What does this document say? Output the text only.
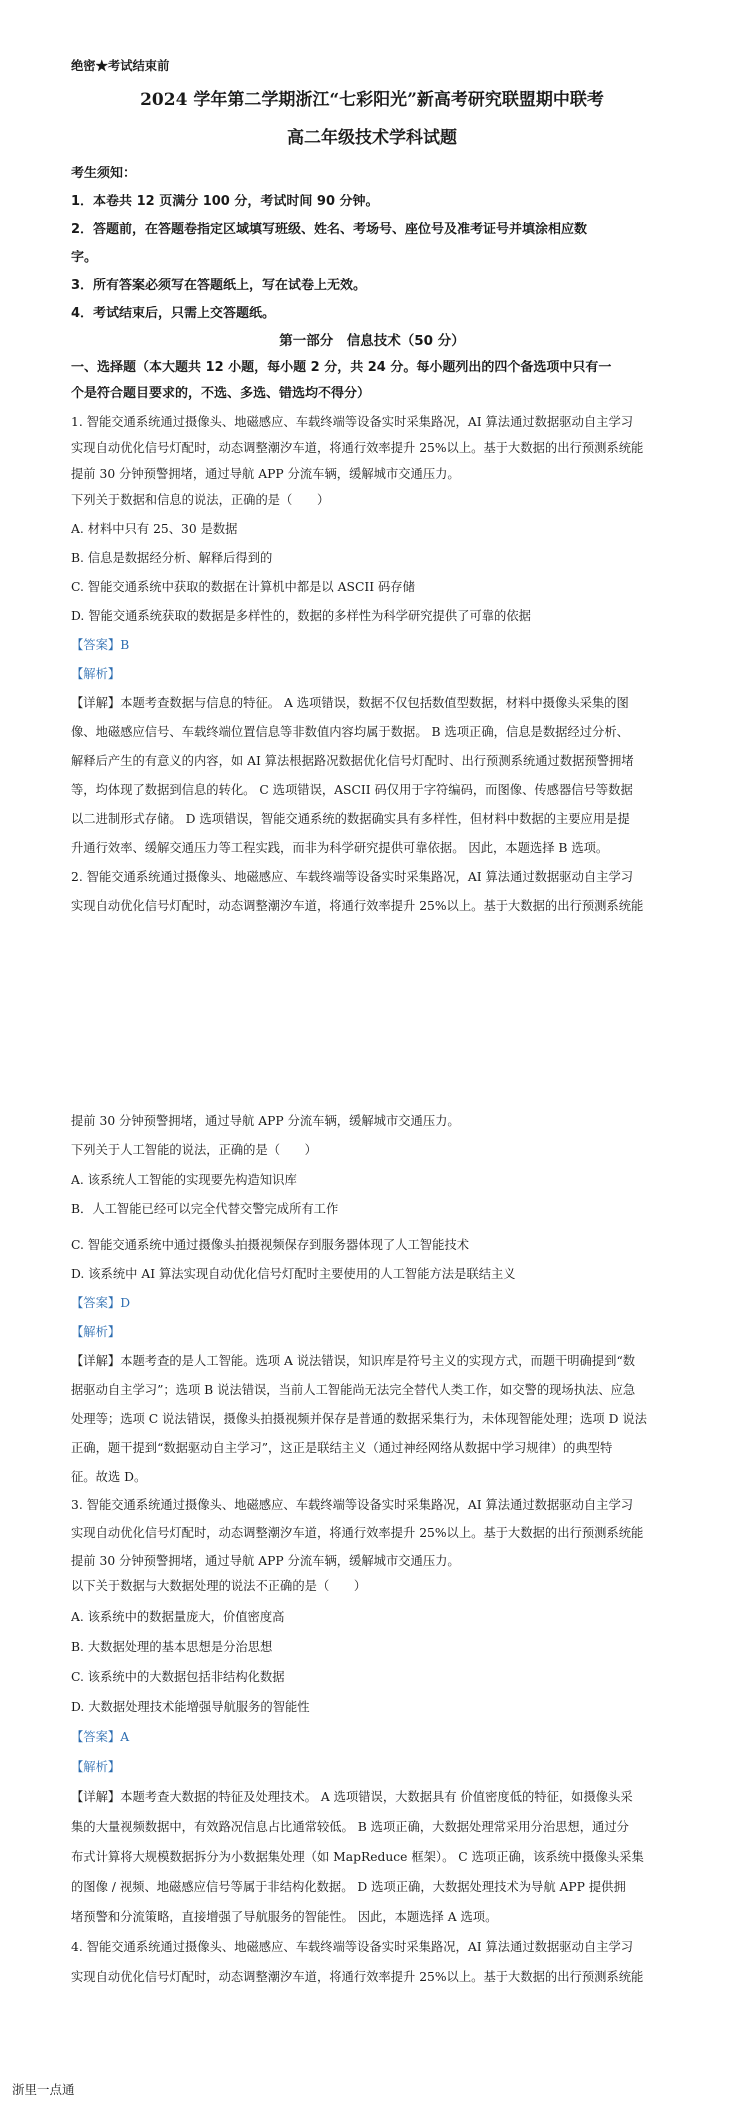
绝密★考试结束前
2024 学年第二学期浙江“七彩阳光”新高考研究联盟期中联考
高二年级技术学科试题
考生须知：
1．本卷共 12 页满分 100 分，考试时间 90 分钟。
2．答题前，在答题卷指定区域填写班级、姓名、考场号、座位号及准考证号并填涂相应数
字。
3．所有答案必须写在答题纸上，写在试卷上无效。
4．考试结束后，只需上交答题纸。
第一部分　信息技术（50 分）
一、选择题（本大题共 12 小题，每小题 2 分，共 24 分。每小题列出的四个备选项中只有一
个是符合题目要求的，不选、多选、错选均不得分）
1. 智能交通系统通过摄像头、地磁感应、车载终端等设备实时采集路况，AI 算法通过数据驱动自主学习
实现自动优化信号灯配时，动态调整潮汐车道，将通行效率提升 25%以上。基于大数据的出行预测系统能
提前 30 分钟预警拥堵，通过导航 APP 分流车辆，缓解城市交通压力。
下列关于数据和信息的说法，正确的是（　　）
A. 材料中只有 25、30 是数据
B. 信息是数据经分析、解释后得到的
C. 智能交通系统中获取的数据在计算机中都是以 ASCII 码存储
D. 智能交通系统获取的数据是多样性的，数据的多样性为科学研究提供了可靠的依据
【答案】B
【解析】
【详解】本题考查数据与信息的特征。 A 选项错误，数据不仅包括数值型数据，材料中摄像头采集的图
像、地磁感应信号、车载终端位置信息等非数值内容均属于数据。 B 选项正确，信息是数据经过分析、
解释后产生的有意义的内容，如 AI 算法根据路况数据优化信号灯配时、出行预测系统通过数据预警拥堵
等，均体现了数据到信息的转化。 C 选项错误，ASCII 码仅用于字符编码，而图像、传感器信号等数据
以二进制形式存储。 D 选项错误，智能交通系统的数据确实具有多样性，但材料中数据的主要应用是提
升通行效率、缓解交通压力等工程实践，而非为科学研究提供可靠依据。 因此，本题选择 B 选项。
2. 智能交通系统通过摄像头、地磁感应、车载终端等设备实时采集路况，AI 算法通过数据驱动自主学习
实现自动优化信号灯配时，动态调整潮汐车道，将通行效率提升 25%以上。基于大数据的出行预测系统能
提前 30 分钟预警拥堵，通过导航 APP 分流车辆，缓解城市交通压力。
下列关于人工智能的说法，正确的是（　　）
A. 该系统人工智能的实现要先构造知识库
B．人工智能已经可以完全代替交警完成所有工作
C. 智能交通系统中通过摄像头拍摄视频保存到服务器体现了人工智能技术
D. 该系统中 AI 算法实现自动优化信号灯配时主要使用的人工智能方法是联结主义
【答案】D
【解析】
【详解】本题考查的是人工智能。选项 A 说法错误，知识库是符号主义的实现方式，而题干明确提到“数
据驱动自主学习”；选项 B 说法错误，当前人工智能尚无法完全替代人类工作，如交警的现场执法、应急
处理等；选项 C 说法错误，摄像头拍摄视频并保存是普通的数据采集行为，未体现智能处理；选项 D 说法
正确，题干提到“数据驱动自主学习”，这正是联结主义（通过神经网络从数据中学习规律）的典型特
征。故选 D。
3. 智能交通系统通过摄像头、地磁感应、车载终端等设备实时采集路况，AI 算法通过数据驱动自主学习
实现自动优化信号灯配时，动态调整潮汐车道，将通行效率提升 25%以上。基于大数据的出行预测系统能
提前 30 分钟预警拥堵，通过导航 APP 分流车辆，缓解城市交通压力。
以下关于数据与大数据处理的说法不正确的是（　　）
A. 该系统中的数据量庞大，价值密度高
B. 大数据处理的基本思想是分治思想
C. 该系统中的大数据包括非结构化数据
D. 大数据处理技术能增强导航服务的智能性
【答案】A
【解析】
【详解】本题考查大数据的特征及处理技术。 A 选项错误，大数据具有 价值密度低的特征，如摄像头采
集的大量视频数据中，有效路况信息占比通常较低。 B 选项正确，大数据处理常采用分治思想，通过分
布式计算将大规模数据拆分为小数据集处理（如 MapReduce 框架）。 C 选项正确，该系统中摄像头采集
的图像 / 视频、地磁感应信号等属于非结构化数据。 D 选项正确，大数据处理技术为导航 APP 提供拥
堵预警和分流策略，直接增强了导航服务的智能性。 因此，本题选择 A 选项。
4. 智能交通系统通过摄像头、地磁感应、车载终端等设备实时采集路况，AI 算法通过数据驱动自主学习
实现自动优化信号灯配时，动态调整潮汐车道，将通行效率提升 25%以上。基于大数据的出行预测系统能
浙里一点通
